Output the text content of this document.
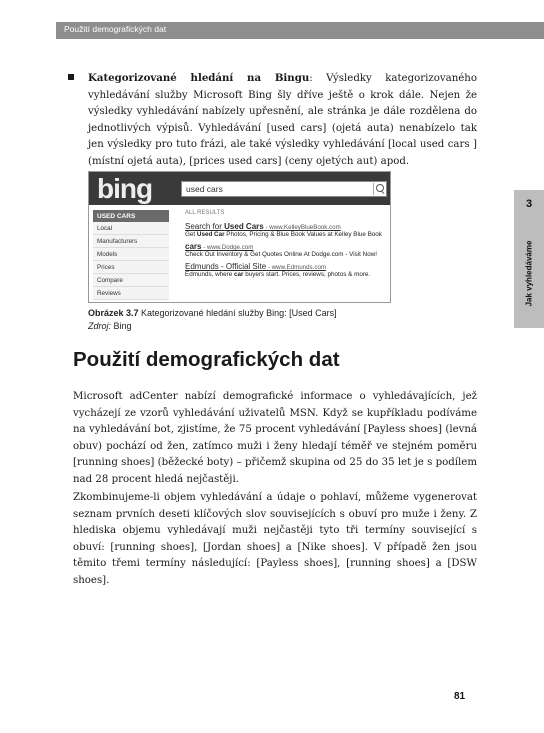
Použití demografických dat
3
Jak vyhledáváme

Kategorizované hledání na Bingu: Výsledky kategorizovaného vyhledávání služby Microsoft Bing šly dříve ještě o krok dále. Nejen že výsledky vyhledávání nabízely upřesnění, ale stránka je dále rozdělena do jednotlivých výpisů. Vyhledávání [used cars] (ojetá auta) nenabízelo tak jen výsledky pro tuto frázi, ale také výsledky vyhledávání [local used cars ] (místní ojetá auta), [prices used cars] (ceny ojetých aut) apod.

bing	used cars
USED CARS
Local
Manufacturers
Models
Prices
Compare
Reviews
ALL RESULTS
Search for Used Cars - www.KelleyBlueBook.com
Get Used Car Photos, Pricing & Blue Book Values at Kelley Blue Book
cars - www.Dodge.com
Check Out Inventory & Get Quotes Online At Dodge.com - Visit Now!
Edmunds - Official Site - www.Edmunds.com
Edmunds, where car buyers start. Prices, reviews, photos & more.
Obrázek 3.7 Kategorizované hledání služby Bing: [Used Cars]
Zdroj: Bing
Použití demografických dat

Microsoft adCenter nabízí demografické informace o vyhledávajících, jež vycházejí ze vzorů vyhledávání uživatelů MSN. Když se kupříkladu podíváme na vyhledávání bot, zjistíme, že 75 procent vyhledávání [Payless shoes] (levná obuv) pochází od žen, zatímco muži i ženy hledají téměř ve stejném poměru [running shoes] (běžecké boty) – přičemž skupina od 25 do 35 let je s podílem nad 28 procent hledá nejčastěji.

Zkombinujeme-li objem vyhledávání a údaje o pohlaví, můžeme vygenerovat seznam prvních deseti klíčových slov souvisejících s obuví pro muže i ženy. Z hlediska objemu vyhledávají muži nejčastěji tyto tři termíny související s obuví: [running shoes], [Jordan shoes] a [Nike shoes]. V případě žen jsou těmito třemi termíny následující: [Payless shoes], [running shoes] a [DSW shoes].

81
